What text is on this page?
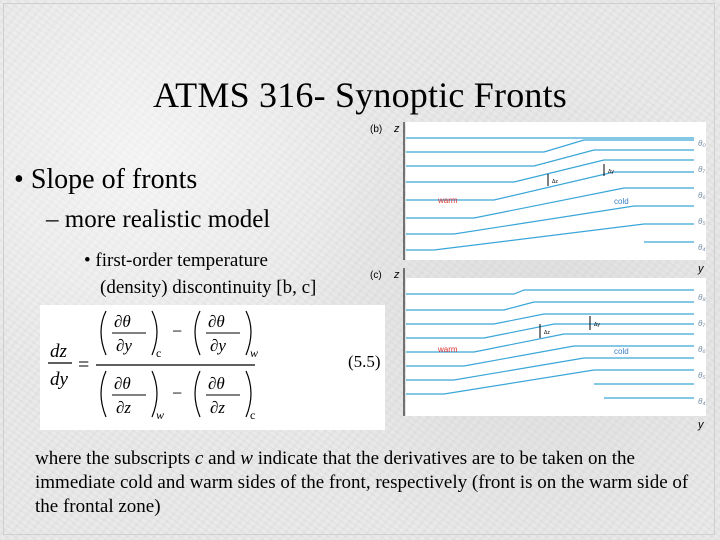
ATMS 316- Synoptic Fronts
• Slope of fronts
– more realistic model
• first-order temperature
(density) discontinuity [b, c]
dz
dy
=
∂θ
∂y c
− ∂θ
∂y w
∂θ
∂z w
− ∂θ
∂z c
(5.5)
(b) z
Δz
Δy
warm	cold
(c) z
Δz
Δy
warm	cold
θ₀
θ₇
θ₆
θ₅
θ₄
θ₈
θ₇
θ₆
θ₅
θ₄
y
y
where the subscripts c and w indicate that the derivatives are to be taken on the immediate cold and warm sides of the front, respectively (front is on the warm side of the frontal zone)
